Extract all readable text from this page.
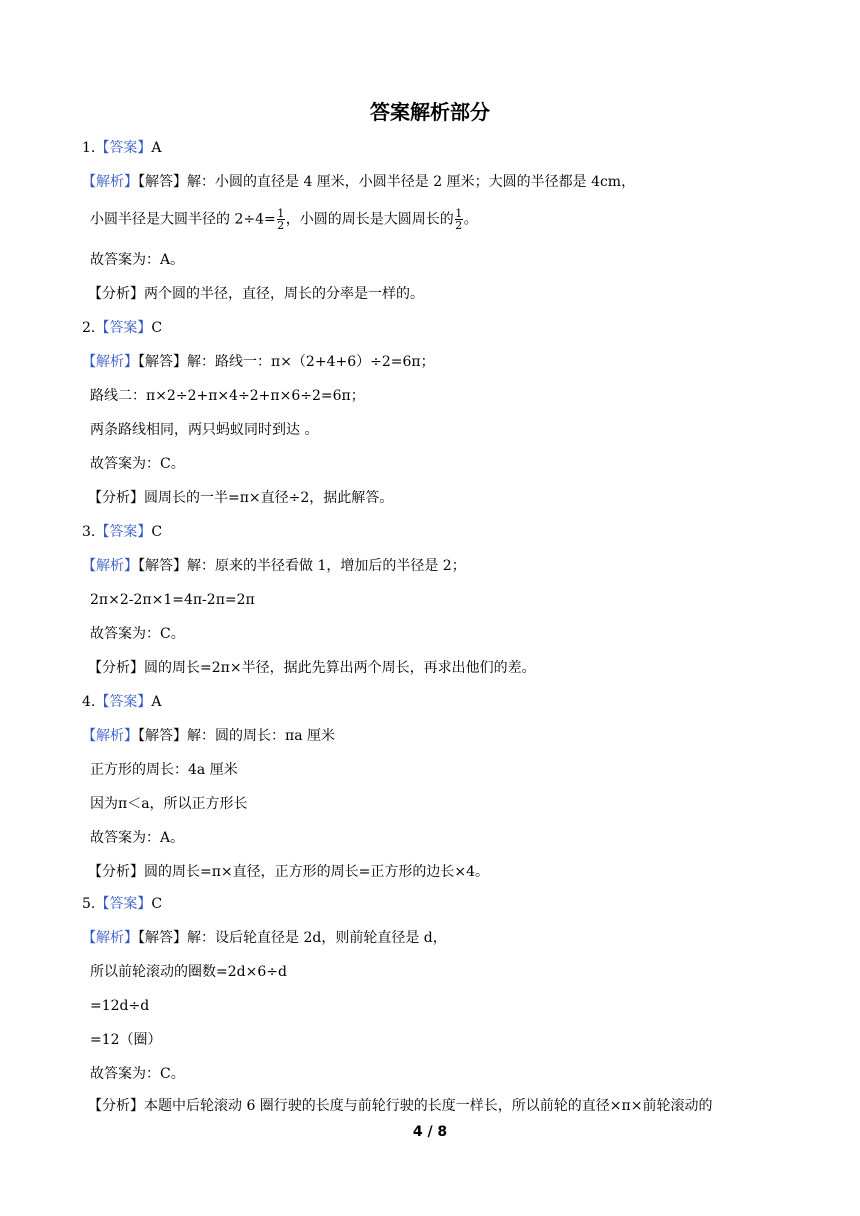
答案解析部分
1.【答案】A
【解析】【解答】解：小圆的直径是 4 厘米，小圆半径是 2 厘米；大圆的半径都是 4cm，
小圆半径是大圆半径的 $2\div 4= \frac{1}{2}$ ，小圆的周长是大圆周长的 $\frac{1}{2}$ 。
故答案为：A。
【分析】两个圆的半径，直径，周长的分率是一样的。
2.【答案】C
【解析】【解答】解：路线一：π×（2+4+6）÷2=6π；
路线二：π×2÷2+π×4÷2+π×6÷2=6π；
两条路线相同，两只蚂蚁同时到达 。
故答案为：C。
【分析】圆周长的一半=π×直径÷2，据此解答。
3.【答案】C
【解析】【解答】解：原来的半径看做 1，增加后的半径是 2；
2π×2-2π×1=4π-2π=2π
故答案为：C。
【分析】圆的周长=2π×半径，据此先算出两个周长，再求出他们的差。
4.【答案】A
【解析】【解答】解：圆的周长：πa 厘米
正方形的周长：4a 厘米
因为π＜a，所以正方形长
故答案为：A。
【分析】圆的周长=π×直径，正方形的周长=正方形的边长×4。
5.【答案】C
【解析】【解答】解：设后轮直径是 2d，则前轮直径是 d，
所以前轮滚动的圈数=2d×6÷d
=12d÷d
=12（圈）
故答案为：C。
【分析】本题中后轮滚动 6 圈行驶的长度与前轮行驶的长度一样长，所以前轮的直径×π×前轮滚动的
4 / 8
